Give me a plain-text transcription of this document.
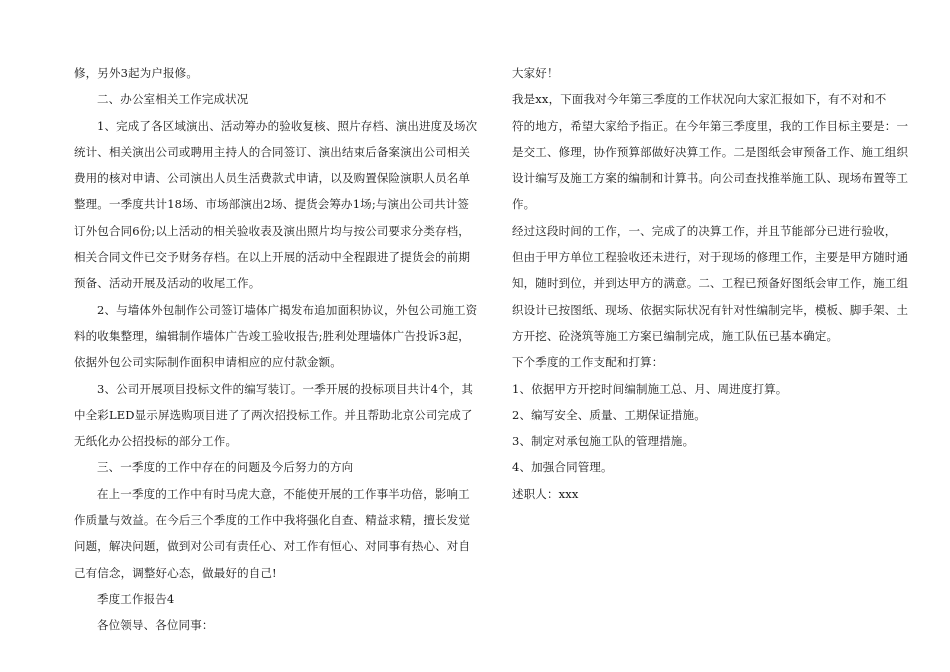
修，另外3起为户报修。
二、办公室相关工作完成状况
1、完成了各区域演出、活动筹办的验收复核、照片存档、演出进度及场次
统计、相关演出公司或聘用主持人的合同签订、演出结束后备案演出公司相关
费用的核对申请、公司演出人员生活费款式申请，以及购置保险演职人员名单
整理。一季度共计18场、市场部演出2场、提货会筹办1场;与演出公司共计签
订外包合同6份;以上活动的相关验收表及演出照片均与按公司要求分类存档，
相关合同文件已交予财务存档。在以上开展的活动中全程跟进了提货会的前期
预备、活动开展及活动的收尾工作。
2、与墙体外包制作公司签订墙体广揭发布追加面积协议，外包公司施工资
料的收集整理，编辑制作墙体广告竣工验收报告;胜利处理墙体广告投诉3起，
依据外包公司实际制作面积申请相应的应付款金额。
3、公司开展项目投标文件的编写装订。一季开展的投标项目共计4个，其
中全彩LED显示屏选购项目进了了两次招投标工作。并且帮助北京公司完成了
无纸化办公招投标的部分工作。
三、一季度的工作中存在的问题及今后努力的方向
在上一季度的工作中有时马虎大意，不能使开展的工作事半功倍，影响工
作质量与效益。在今后三个季度的工作中我将强化自查、精益求精，擅长发觉
问题，解决问题，做到对公司有责任心、对工作有恒心、对同事有热心、对自
己有信念，调整好心态，做最好的自己!
季度工作报告4
各位领导、各位同事：
大家好！
我是xx，下面我对今年第三季度的工作状况向大家汇报如下，有不对和不
符的地方，希望大家给予指正。在今年第三季度里，我的工作目标主要是：一
是交工、修理，协作预算部做好决算工作。二是图纸会审预备工作、施工组织
设计编写及施工方案的编制和计算书。向公司查找推举施工队、现场布置等工
作。
经过这段时间的工作，一、完成了的决算工作，并且节能部分已进行验收，
但由于甲方单位工程验收还未进行，对于现场的修理工作，主要是甲方随时通
知，随时到位，并到达甲方的满意。二、工程已预备好图纸会审工作，施工组
织设计已按图纸、现场、依据实际状况有针对性编制完毕，模板、脚手架、土
方开挖、砼浇筑等施工方案已编制完成，施工队伍已基本确定。
下个季度的工作支配和打算：
1、依据甲方开挖时间编制施工总、月、周进度打算。
2、编写安全、质量、工期保证措施。
3、制定对承包施工队的管理措施。
4、加强合同管理。
述职人：xxx
